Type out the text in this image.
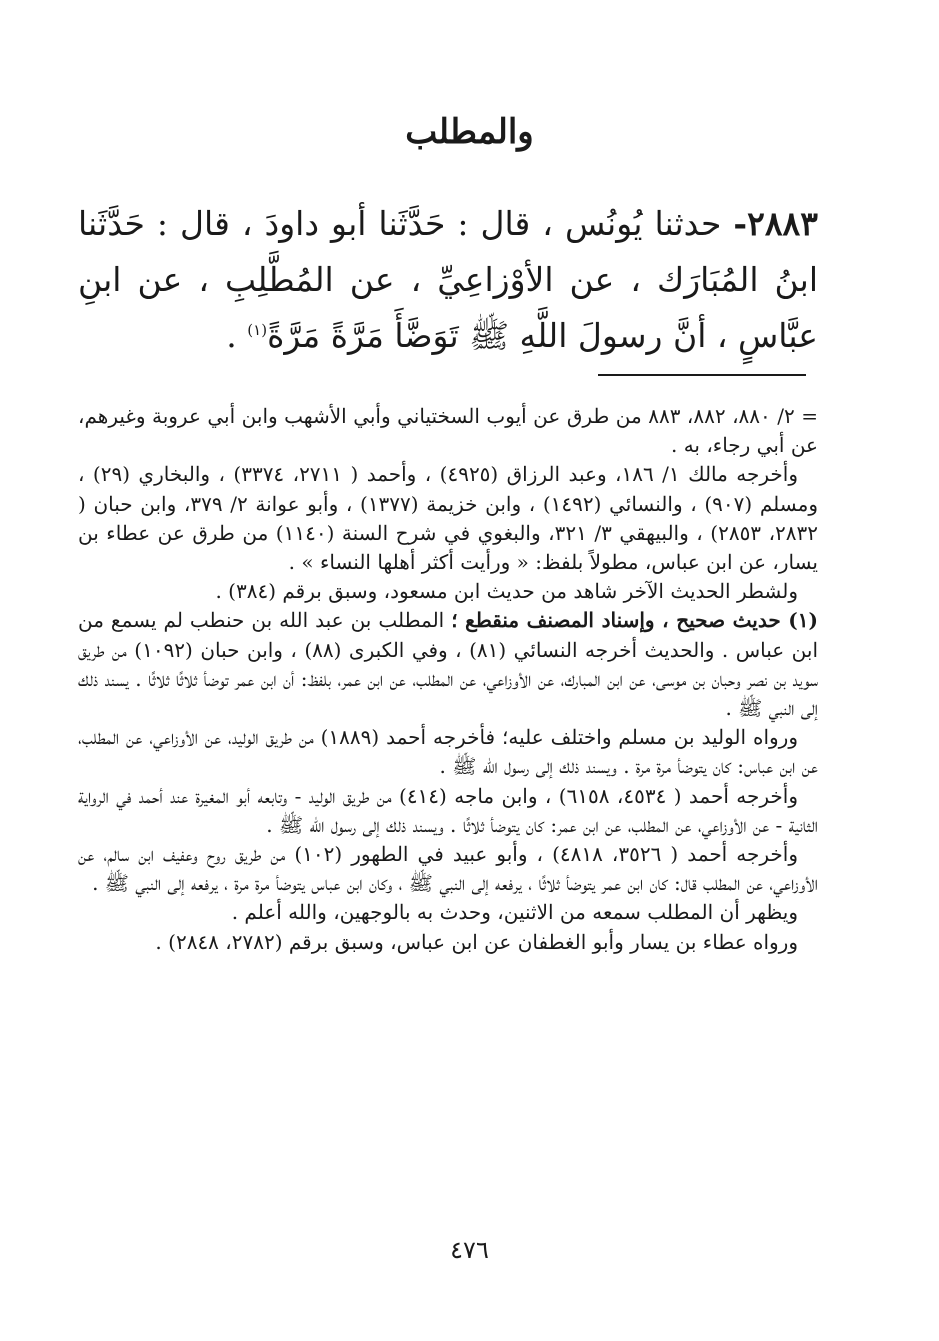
والمطلب
٢٨٨٣- حدثنا يُونُس ، قال : حَدَّثَنا أبو داودَ ، قال : حَدَّثَنا ابنُ المُبَارَك ، عن الأوْزاعِيِّ ، عن المُطَّلِبِ ، عن ابنِ عبَّاسٍ ، أنَّ رسولَ اللَّهِ ﷺ تَوَضَّأَ مَرَّةً مَرَّةً$^{(١)}$ .

= ٢/ ٨٨٠، ٨٨٢، ٨٨٣ من طرق عن أيوب السختياني وأبي الأشهب وابن أبي عروبة وغيرهم، عن أبي رجاء، به .

وأخرجه مالك ١/ ١٨٦، وعبد الرزاق (٤٩٢٥) ، وأحمد ( ٢٧١١، ٣٣٧٤) ، والبخاري (٢٩) ، ومسلم (٩٠٧) ، والنسائي (١٤٩٢) ، وابن خزيمة (١٣٧٧) ، وأبو عوانة ٢/ ٣٧٩، وابن حبان ( ٢٨٣٢، ٢٨٥٣) ، والبيهقي ٣/ ٣٢١، والبغوي في شرح السنة (١١٤٠) من طرق عن عطاء بن يسار، عن ابن عباس، مطولاً بلفظ: « ورأيت أكثر أهلها النساء » .

ولشطر الحديث الآخر شاهد من حديث ابن مسعود، وسبق برقم (٣٨٤) .

(١) حديث صحيح ، وإسناد المصنف منقطع ؛ المطلب بن عبد الله بن حنطب لم يسمع من ابن عباس . والحديث أخرجه النسائي (٨١) ، وفي الكبرى (٨٨) ، وابن حبان (١٠٩٢) من طريق سويد بن نصر وحبان بن موسى، عن ابن المبارك، عن الأوزاعي، عن المطلب، عن ابن عمر، بلفظ: أن ابن عمر توضأ ثلاثًا ثلاثًا . يسند ذلك إلى النبي ﷺ .

ورواه الوليد بن مسلم واختلف عليه؛ فأخرجه أحمد (١٨٨٩) من طريق الوليد، عن الأوزاعي، عن المطلب، عن ابن عباس: كان يتوضأ مرة مرة . ويسند ذلك إلى رسول الله ﷺ .

وأخرجه أحمد ( ٤٥٣٤، ٦١٥٨) ، وابن ماجه (٤١٤) من طريق الوليد - وتابعه أبو المغيرة عند أحمد في الرواية الثانية - عن الأوزاعي، عن المطلب، عن ابن عمر: كان يتوضأ ثلاثًا . ويسند ذلك إلى رسول الله ﷺ .

وأخرجه أحمد ( ٣٥٢٦، ٤٨١٨) ، وأبو عبيد في الطهور (١٠٢) من طريق روح وعفيف ابن سالم، عن الأوزاعي، عن المطلب قال: كان ابن عمر يتوضأ ثلاثًا ، يرفعه إلى النبي ﷺ ، وكان ابن عباس يتوضأ مرة مرة ، يرفعه إلى النبي ﷺ .

ويظهر أن المطلب سمعه من الاثنين، وحدث به بالوجهين، والله أعلم .

ورواه عطاء بن يسار وأبو الغطفان عن ابن عباس، وسبق برقم (٢٧٨٢، ٢٨٤٨) .

٤٧٦
